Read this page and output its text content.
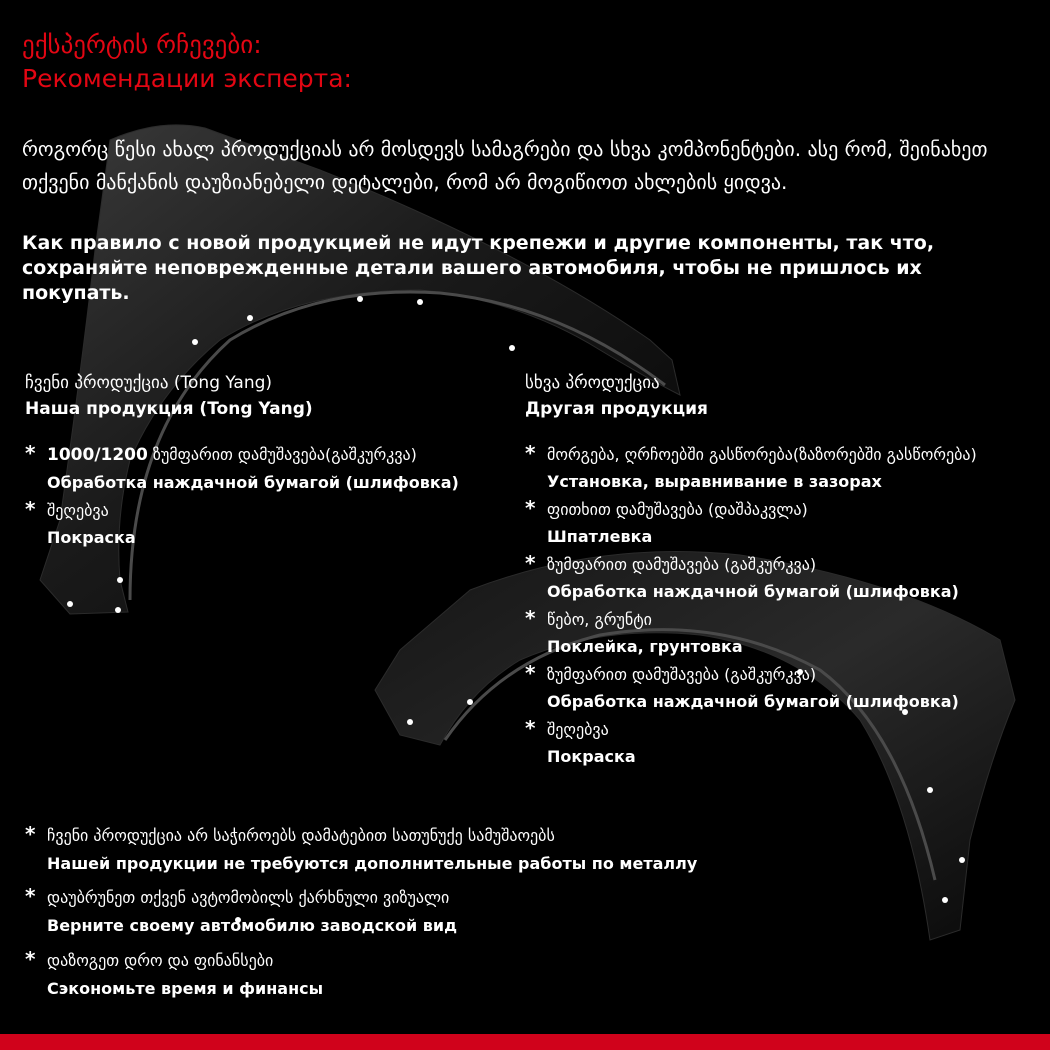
ექსპერტის რჩევები:
Рекомендации эксперта:
როგორც წესი ახალ პროდუქციას არ მოსდევს სამაგრები და სხვა კომპონენტები. ასე რომ, შეინახეთ თქვენი მანქანის დაუზიანებელი დეტალები, რომ არ მოგიწიოთ ახლების ყიდვა.
Как правило с новой продукцией не идут крепежи и другие компоненты, так что, сохраняйте неповрежденные детали вашего автомобиля, чтобы не пришлось их покупать.
ჩვენი პროდუქცია (Tong Yang)
Наша продукция (Tong Yang)
* 1000/1200 ზუმფარით დამუშავება(გაშკურკვა)
Обработка наждачной бумагой (шлифовка)
* შეღებვა
Покраска
სხვა პროდუქცია
Другая продукция
* მორგება, ღრჩოებში გასწორება(ზაზორებში გასწორება)
Установка, выравнивание в зазорах
* ფითხით დამუშავება (დაშპაკვლა)
Шпатлевка
* ზუმფარით დამუშავება (გაშკურკვა)
Обработка наждачной бумагой (шлифовка)
* წებო, გრუნტი
Поклейка, грунтовка
* ზუმფარით დამუშავება (გაშკურკვა)
Обработка наждачной бумагой (шлифовка)
* შეღებვა
Покраска
* ჩვენი პროდუქცია არ საჭიროებს დამატებით სათუნუქე სამუშაოებს
Нашей продукции не требуются дополнительные работы по металлу
* დაუბრუნეთ თქვენ ავტომობილს ქარხნული ვიზუალი
Верните своему автомобилю заводской вид
* დაზოგეთ დრო და ფინანსები
Сэкономьте время и финансы
